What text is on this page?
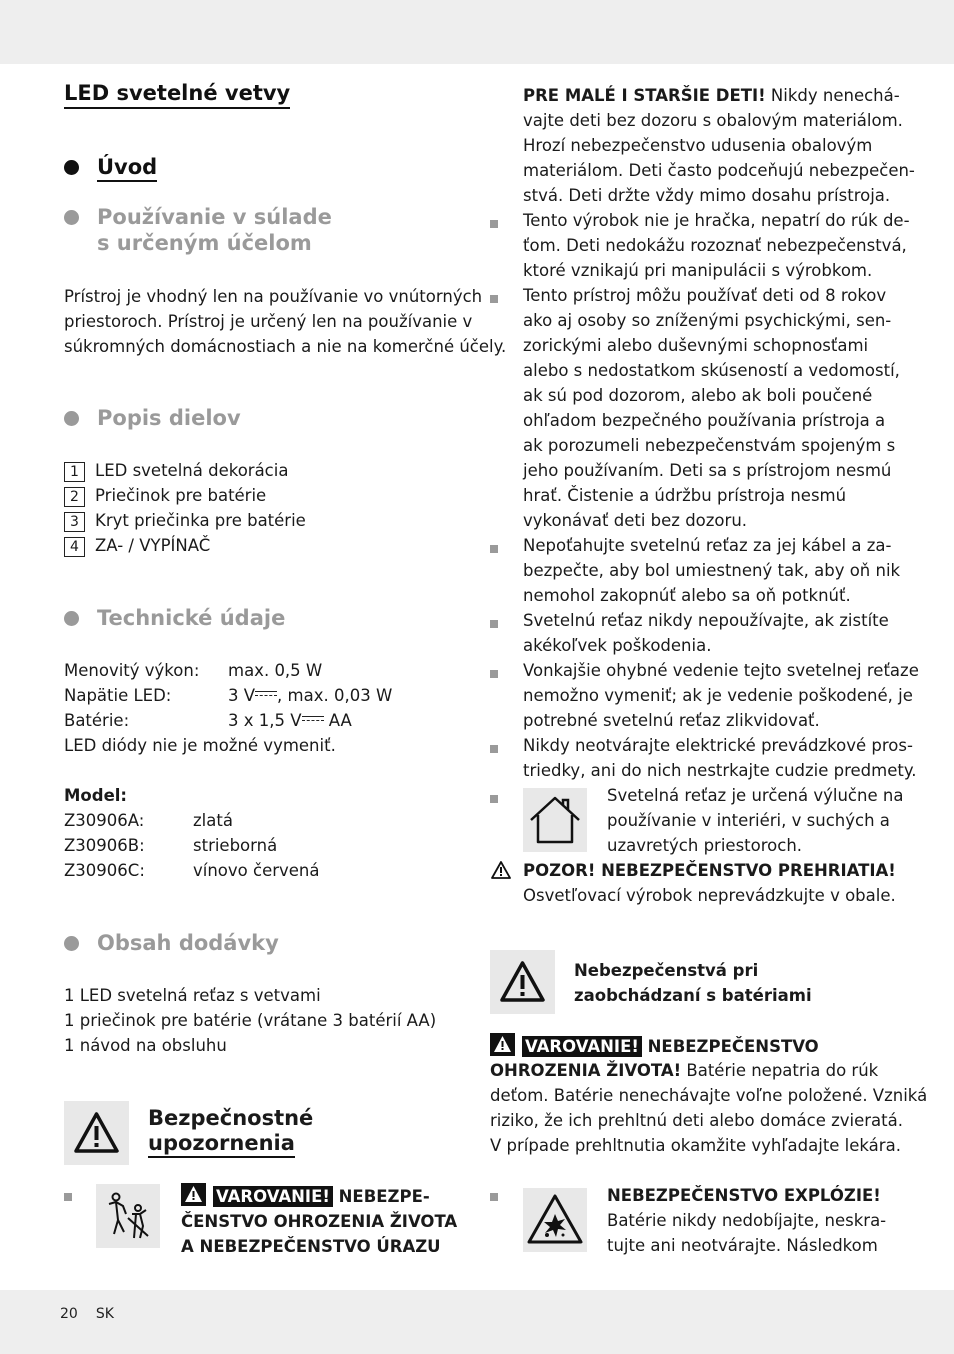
LED svetelné vetvy
Úvod
Používanie v súlade
s určeným účelom
Prístroj je vhodný len na používanie vo vnútorných
priestoroch. Prístroj je určený len na používanie v
súkromných domácnostiach a nie na komerčné účely.
Popis dielov
1 LED svetelná dekorácia
2 Priečinok pre batérie
3 Kryt priečinka pre batérie
4 ZA- / VYPÍNAČ
Technické údaje
Menovitý výkon: max. 0,5 W
Napätie LED:	3 V , max. 0,03 W
Batérie:	3 x 1,5 V AA
LED diódy nie je možné vymeniť.
Model:
Z30906A:	zlatá
Z30906B:	strieborná
Z30906C:	vínovo červená
Obsah dodávky
1 LED svetelná reťaz s vetvami
1 priečinok pre batérie (vrátane 3 batérií AA)
1 návod na obsluhu
Bezpečnostné
upozornenia
VAROVANIE! NEBEZPE-
ČENSTVO OHROZENIA ŽIVOTA
A NEBEZPEČENSTVO ÚRAZU
PRE MALÉ I STARŠIE DETI! Nikdy nenechá-
vajte deti bez dozoru s obalovým materiálom.
Hrozí nebezpečenstvo udusenia obalovým
materiálom. Deti často podceňujú nebezpečen-
stvá. Deti držte vždy mimo dosahu prístroja.
Tento výrobok nie je hračka, nepatrí do rúk de-
ťom. Deti nedokážu rozoznať nebezpečenstvá,
ktoré vznikajú pri manipulácii s výrobkom.
Tento prístroj môžu používať deti od 8 rokov
ako aj osoby so zníženými psychickými, sen-
zorickými alebo duševnými schopnosťami
alebo s nedostatkom skúseností a vedomostí,
ak sú pod dozorom, alebo ak boli poučené
ohľadom bezpečného používania prístroja a
ak porozumeli nebezpečenstvám spojeným s
jeho používaním. Deti sa s prístrojom nesmú
hrať. Čistenie a údržbu prístroja nesmú
vykonávať deti bez dozoru.
Nepoťahujte svetelnú reťaz za jej kábel a za-
bezpečte, aby bol umiestnený tak, aby oň nik
nemohol zakopnúť alebo sa oň potknúť.
Svetelnú reťaz nikdy nepoužívajte, ak zistíte
akékoľvek poškodenia.
Vonkajšie ohybné vedenie tejto svetelnej reťaze
nemožno vymeniť; ak je vedenie poškodené, je
potrebné svetelnú reťaz zlikvidovať.
Nikdy neotvárajte elektrické prevádzkové pros-
triedky, ani do nich nestrkajte cudzie predmety.
Svetelná reťaz je určená výlučne na
používanie v interiéri, v suchých a
uzavretých priestoroch.
POZOR! NEBEZPEČENSTVO PREHRIATIA!
Osvetľovací výrobok neprevádzkujte v obale.
Nebezpečenstvá pri
zaobchádzaní s batériami
VAROVANIE! NEBEZPEČENSTVO
OHROZENIA ŽIVOTA! Batérie nepatria do rúk
deťom. Batérie nenechávajte voľne položené. Vzniká
riziko, že ich prehltnú deti alebo domáce zvieratá.
V prípade prehltnutia okamžite vyhľadajte lekára.
NEBEZPEČENSTVO EXPLÓZIE!
Batérie nikdy nedobíjajte, neskra-
tujte ani neotvárajte. Následkom
20 SK
